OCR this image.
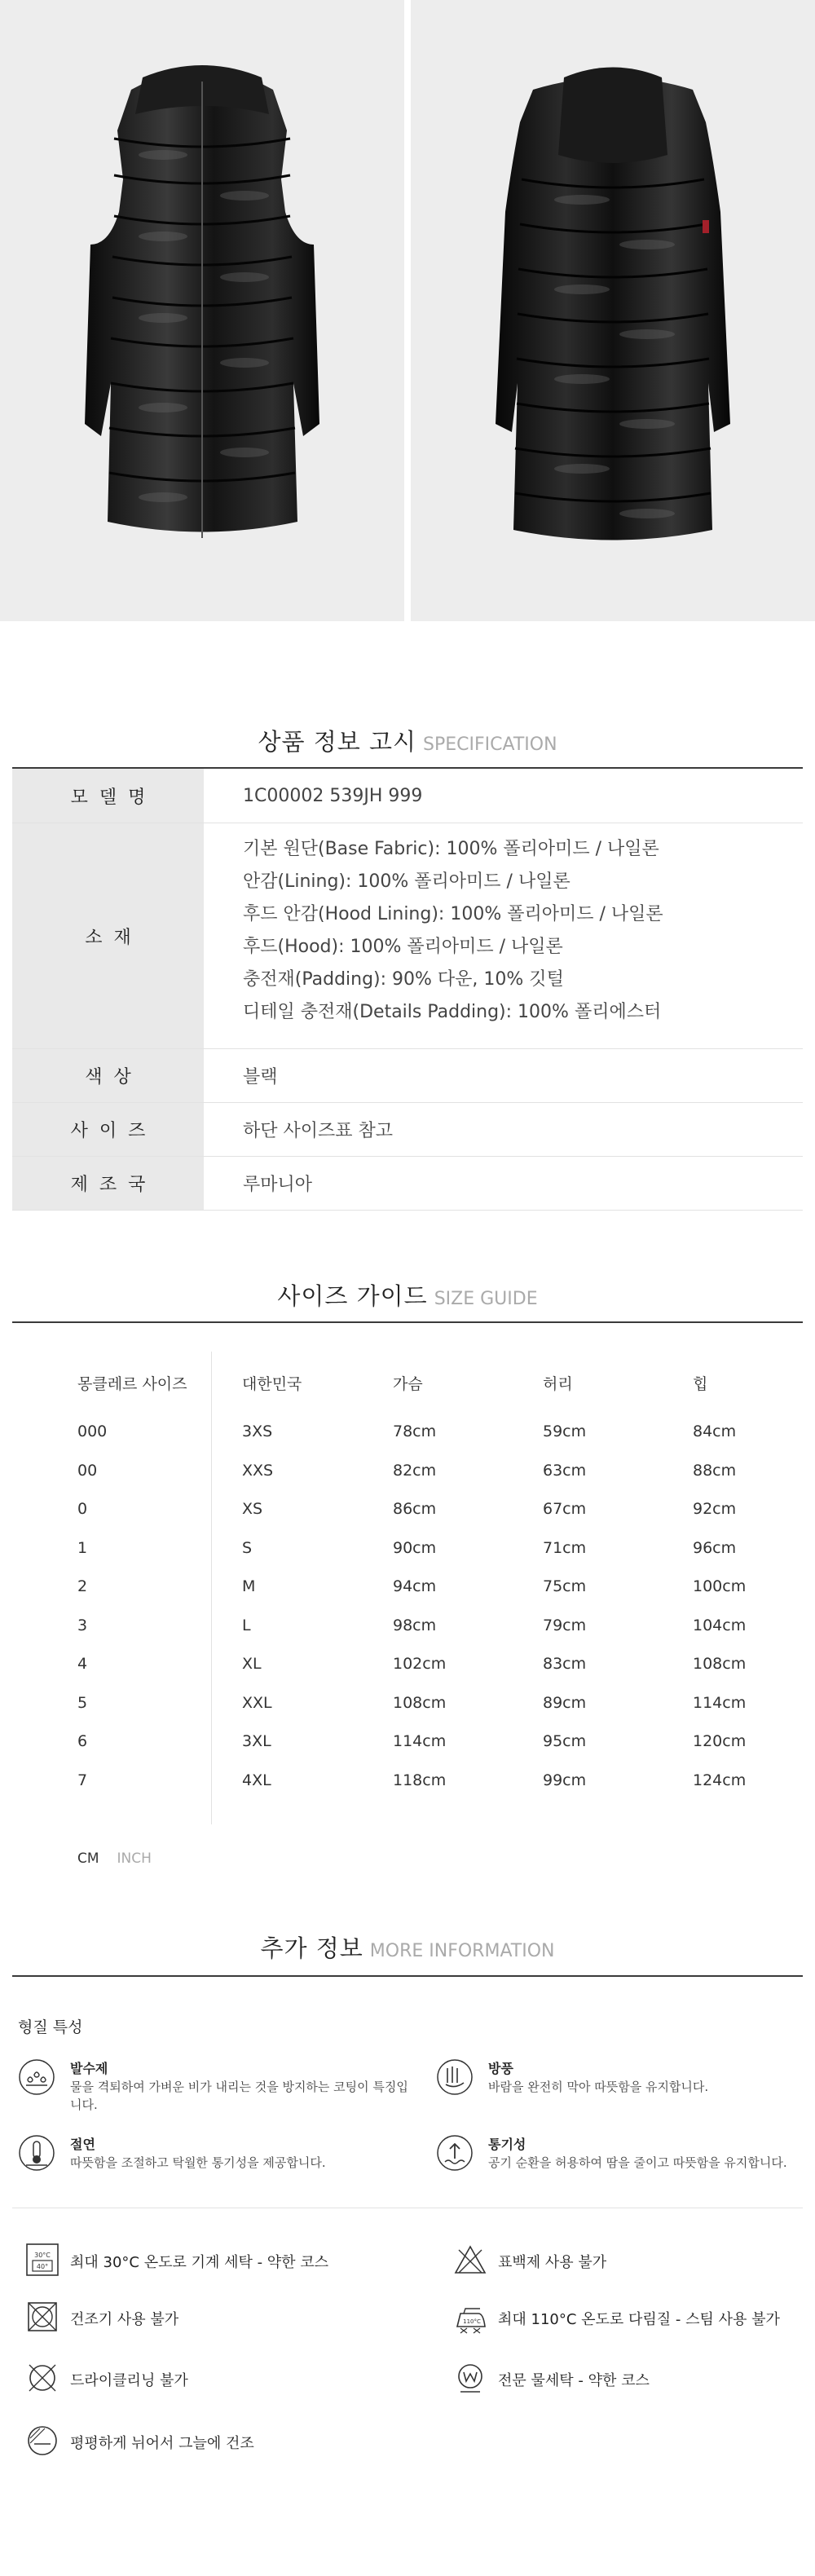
상품 정보 고시 SPECIFICATION
모델명	1C00002 539JH 999
소재
기본 원단(Base Fabric): 100% 폴리아미드 / 나일론
안감(Lining): 100% 폴리아미드 / 나일론
후드 안감(Hood Lining): 100% 폴리아미드 / 나일론
후드(Hood): 100% 폴리아미드 / 나일론
충전재(Padding): 90% 다운, 10% 깃털
디테일 충전재(Details Padding): 100% 폴리에스터
색상	블랙
사이즈	하단 사이즈표 참고
제조국	루마니아
사이즈 가이드 SIZE GUIDE
몽클레르 사이즈	대한민국	가슴	허리	힙
000	3XS	78cm	59cm	84cm
00	XXS	82cm	63cm	88cm
0	XS	86cm	67cm	92cm
1	S	90cm	71cm	96cm
2	M	94cm	75cm	100cm
3	L	98cm	79cm	104cm
4	XL	102cm	83cm	108cm
5	XXL	108cm	89cm	114cm
6	3XL	114cm	95cm	120cm
7	4XL	118cm	99cm	124cm
CM INCH
추가 정보 MORE INFORMATION
형질 특성
발수제
물을 격퇴하여 가벼운 비가 내리는 것을 방지하는 코팅이 특징입니다.
방풍
바람을 완전히 막아 따뜻함을 유지합니다.
절연
따뜻함을 조절하고 탁월한 통기성을 제공합니다.
통기성
공기 순환을 허용하여 땀을 줄이고 따뜻함을 유지합니다.
30°C
40° 최대 30°C 온도로 기계 세탁 - 약한 코스	표백제 사용 불가
건조기 사용 불가	110°C 최대 110°C 온도로 다림질 - 스팀 사용 불가
드라이클리닝 불가	전문 물세탁 - 약한 코스
평평하게 뉘어서 그늘에 건조
